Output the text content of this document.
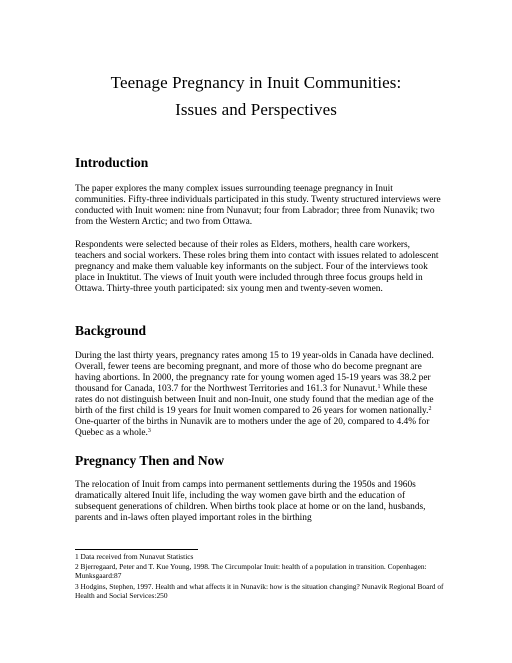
Teenage Pregnancy in Inuit Communities:
Issues and Perspectives
Introduction
The paper explores the many complex issues surrounding teenage pregnancy in Inuit communities. Fifty-three individuals participated in this study. Twenty structured interviews were conducted with Inuit women: nine from Nunavut; four from Labrador; three from Nunavik; two from the Western Arctic; and two from Ottawa.
Respondents were selected because of their roles as Elders, mothers, health care workers, teachers and social workers. These roles bring them into contact with issues related to adolescent pregnancy and make them valuable key informants on the subject. Four of the interviews took place in Inuktitut. The views of Inuit youth were included through three focus groups held in Ottawa. Thirty-three youth participated: six young men and twenty-seven women.
Background
During the last thirty years, pregnancy rates among 15 to 19 year-olds in Canada have declined. Overall, fewer teens are becoming pregnant, and more of those who do become pregnant are having abortions. In 2000, the pregnancy rate for young women aged 15-19 years was 38.2 per thousand for Canada, 103.7 for the Northwest Territories and 161.3 for Nunavut.$^1$ While these rates do not distinguish between Inuit and non-Inuit, one study found that the median age of the birth of the first child is 19 years for Inuit women compared to 26 years for women nationally.$^2$ One-quarter of the births in Nunavik are to mothers under the age of 20, compared to 4.4% for Quebec as a whole.$^3$
Pregnancy Then and Now
The relocation of Inuit from camps into permanent settlements during the 1950s and 1960s dramatically altered Inuit life, including the way women gave birth and the education of subsequent generations of children. When births took place at home or on the land, husbands, parents and in-laws often played important roles in the birthing
1 Data received from Nunavut Statistics
2 Bjerregaard, Peter and T. Kue Young, 1998. The Circumpolar Inuit: health of a population in transition. Copenhagen: Munksgaard:87
3 Hodgins, Stephen, 1997. Health and what affects it in Nunavik: how is the situation changing? Nunavik Regional Board of Health and Social Services:250
